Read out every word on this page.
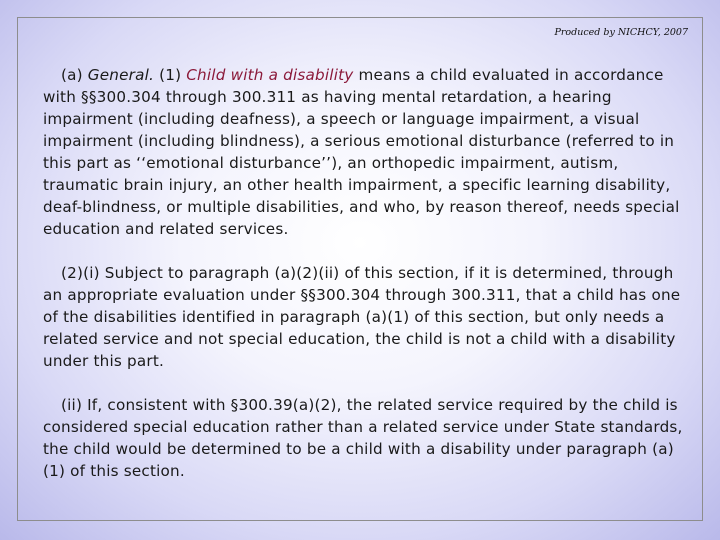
Produced by NICHCY, 2007

(a) General. (1) Child with a disability means a child evaluated in accordance with §§300.304 through 300.311 as having mental retardation, a hearing impairment (including deafness), a speech or language impairment, a visual impairment (including blindness), a serious emotional disturbance (referred to in this part as ‘‘emotional disturbance’’), an orthopedic impairment, autism, traumatic brain injury, an other health impairment, a specific learning disability, deaf-blindness, or multiple disabilities, and who, by reason thereof, needs special education and related services.

(2)(i) Subject to paragraph (a)(2)(ii) of this section, if it is determined, through an appropriate evaluation under §§300.304 through 300.311, that a child has one of the disabilities identified in paragraph (a)(1) of this section, but only needs a related service and not special education, the child is not a child with a disability under this part.

(ii) If, consistent with §300.39(a)(2), the related service required by the child is considered special education rather than a related service under State standards, the child would be determined to be a child with a disability under paragraph (a)(1) of this section.
